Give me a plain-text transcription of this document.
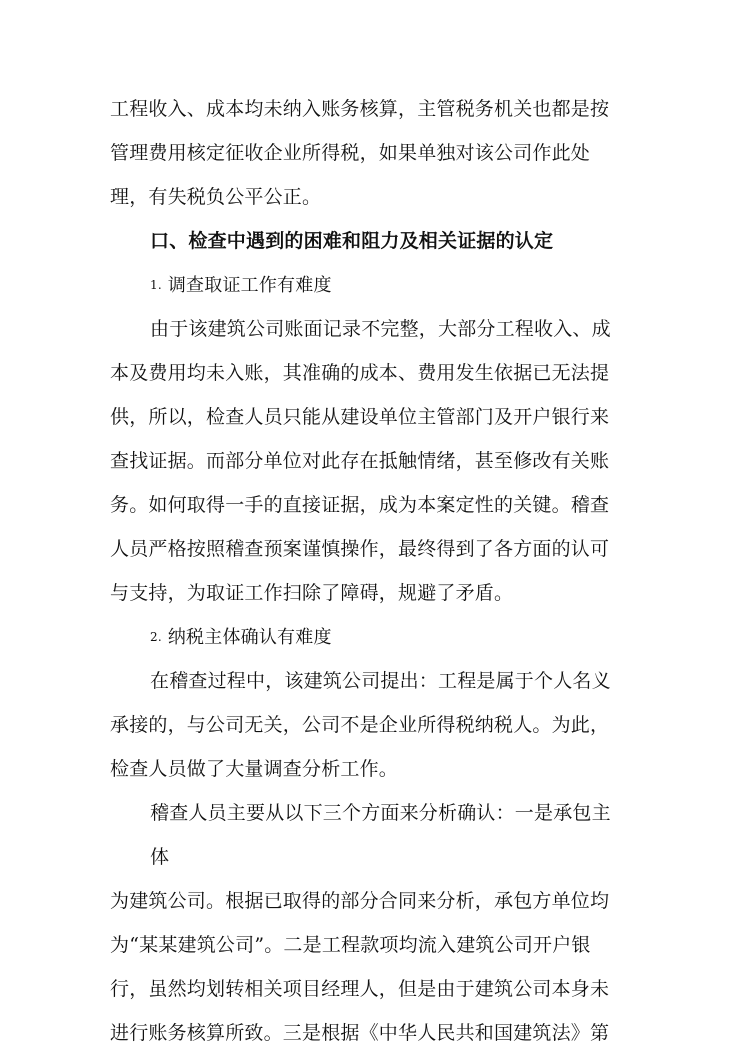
工程收入、成本均未纳入账务核算，主管税务机关也都是按
管理费用核定征收企业所得税，如果单独对该公司作此处
理，有失税负公平公正。
口、检查中遇到的困难和阻力及相关证据的认定
1. 调查取证工作有难度
由于该建筑公司账面记录不完整，大部分工程收入、成
本及费用均未入账，其准确的成本、费用发生依据已无法提
供，所以，检查人员只能从建设单位主管部门及开户银行来
查找证据。而部分单位对此存在抵触情绪，甚至修改有关账
务。如何取得一手的直接证据，成为本案定性的关键。稽查
人员严格按照稽查预案谨慎操作，最终得到了各方面的认可
与支持，为取证工作扫除了障碍，规避了矛盾。
2. 纳税主体确认有难度
在稽查过程中，该建筑公司提出：工程是属于个人名义
承接的，与公司无关，公司不是企业所得税纳税人。为此，
检查人员做了大量调查分析工作。
稽查人员主要从以下三个方面来分析确认：一是承包主
体
为建筑公司。根据已取得的部分合同来分析，承包方单位均
为“某某建筑公司”。二是工程款项均流入建筑公司开户银
行，虽然均划转相关项目经理人，但是由于建筑公司本身未
进行账务核算所致。三是根据《中华人民共和国建筑法》第
